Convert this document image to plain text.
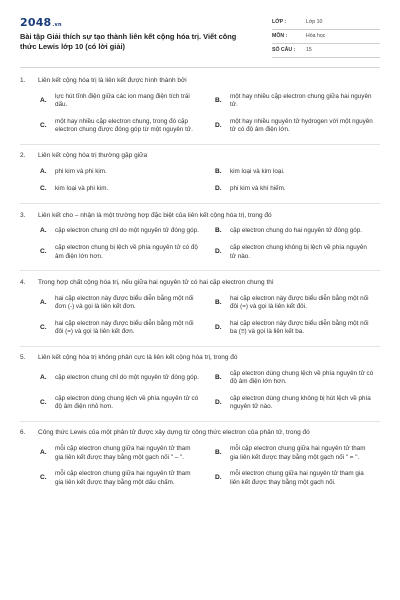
2048.vn
Bài tập Giải thích sự tạo thành liên kết cộng hóa trị. Viết công thức Lewis lớp 10 (có lời giải)
LỚP :	Lớp 10
MÔN :	Hóa học
SỐ CÂU :	15
1.	Liên kết cộng hóa trị là liên kết được hình thành bởi
A.
lực hút tĩnh điện giữa các ion mang điện tích trái dấu.
B.
một hay nhiều cặp electron chung giữa hai nguyên tử.
C.
một hay nhiều cặp electron chung, trong đó cặp electron chung được đóng góp từ một nguyên tử.
D.
một hay nhiều nguyên tử hydrogen với một nguyên tử có độ âm điện lớn.
2.	Liên kết cộng hóa trị thường gặp giữa
A.	phi kim và phi kim.	B.	kim loại và kim loại.
C.	kim loại và phi kim.	D.	phi kim và khí hiếm.
3.	Liên kết cho – nhận là một trường hợp đặc biệt của liên kết cộng hóa trị, trong đó
A.	cặp electron chung chỉ do một nguyên tử đóng góp.	B.	cặp electron chung do hai nguyên tử đóng góp.
C.
cặp electron chung bị lệch về phía nguyên tử có độ âm điện lớn hơn.
D.
cặp electron chung không bị lệch về phía nguyên tử nào.
4.	Trong hợp chất cộng hóa trị, nếu giữa hai nguyên tử có hai cặp electron chung thì
A.
hai cặp electron này được biểu diễn bằng một nối đơn (-) và gọi là liên kết đơn.
B.
hai cặp electron này được biểu diễn bằng một nối đôi (=) và gọi là liên kết đôi.
C.
hai cặp electron này được biểu diễn bằng một nối đôi (=) và gọi là liên kết đơn.
D.
hai cặp electron này được biểu diễn bằng một nối ba (≡) và gọi là liên kết ba.
5.	Liên kết cộng hóa trị không phân cực là liên kết cộng hóa trị, trong đó
A.	cặp electron chung chỉ do một nguyên tử đóng góp.	B.
cặp electron dùng chung lệch về phía nguyên tử có độ âm điện lớn hơn.
C.
cặp electron dùng chung lệch về phía nguyên tử có độ âm điện nhỏ hơn.
D.
cặp electron dùng chung không bị hút lệch về phía nguyên tử nào.
6.	Công thức Lewis của một phân tử được xây dựng từ công thức electron của phân tử, trong đó
A.
mỗi cặp electron chung giữa hai nguyên tử tham gia liên kết được thay bằng một gạch nối " – ".
B.
mỗi cặp electron chung giữa hai nguyên tử tham gia liên kết được thay bằng một gạch nối " = ".
C.
mỗi cặp electron chung giữa hai nguyên tử tham gia liên kết được thay bằng một dấu chấm.
D.
mỗi electron chung giữa hai nguyên tử tham gia liên kết được thay bằng một gạch nối.
